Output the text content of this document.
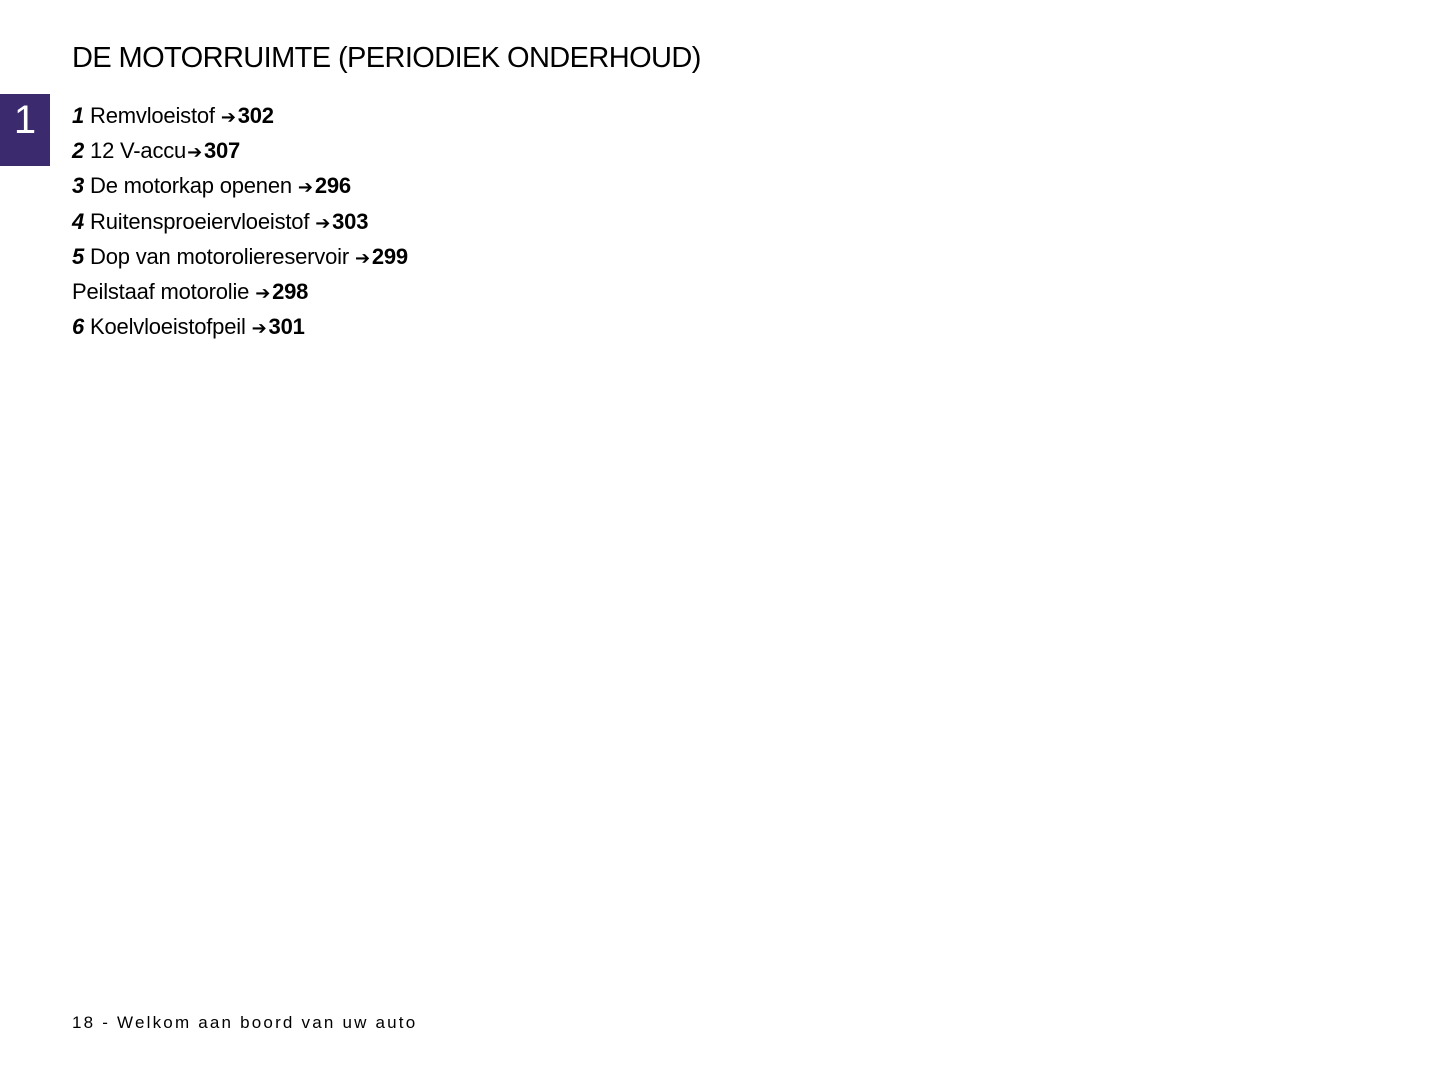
1
DE MOTORRUIMTE (PERIODIEK ONDERHOUD)
1 Remvloeistof ➔302
2 12 V-accu➔307
3 De motorkap openen ➔296
4 Ruitensproeiervloeistof ➔303
5 Dop van motoroliereservoir ➔299
Peilstaaf motorolie ➔298
6 Koelvloeistofpeil ➔301
18 - Welkom aan boord van uw auto
